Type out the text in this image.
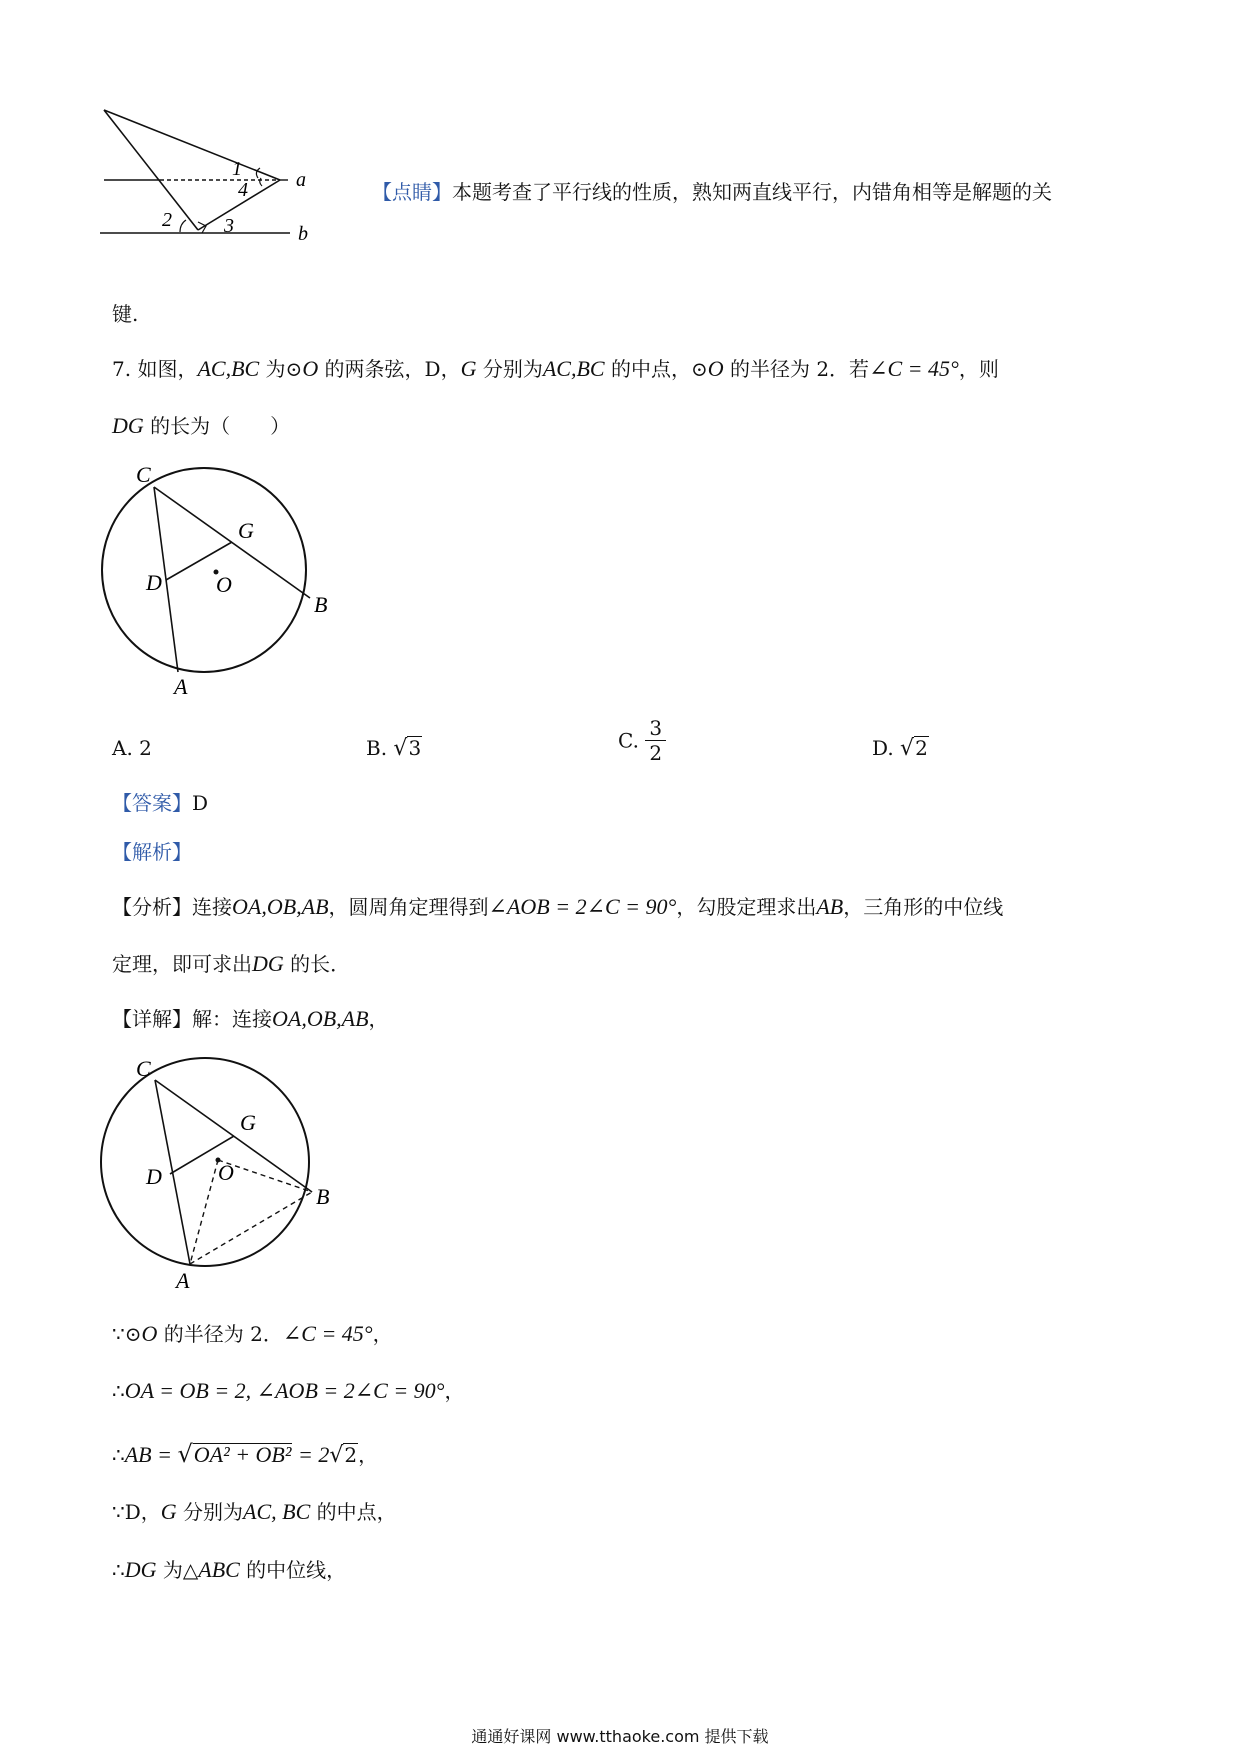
1
4 a
2	3	b
【点睛】本题考查了平行线的性质，熟知两直线平行，内错角相等是解题的关
键.
7. 如图，AC,BC 为⊙O 的两条弦，D，G 分别为AC,BC 的中点，⊙O 的半径为 2．若∠C = 45°，则
DG 的长为（　　）
C
G
D O
B
A
A. 2	B. √3	C. $\frac{3}{2}$	D. √2
【答案】D
【解析】
【分析】连接OA,OB,AB，圆周角定理得到∠AOB = 2∠C = 90°，勾股定理求出AB，三角形的中位线
定理，即可求出DG 的长．
【详解】解：连接OA,OB,AB，
C
G
D	O
B
A
∵⊙O 的半径为 2．∠C = 45°，
∴OA = OB = 2, ∠AOB = 2∠C = 90°，
∴AB = √OA² + OB² = 2√2，
∵D，G 分别为AC, BC 的中点，
∴DG 为△ABC 的中位线，
通通好课网 www.tthaoke.com 提供下载
